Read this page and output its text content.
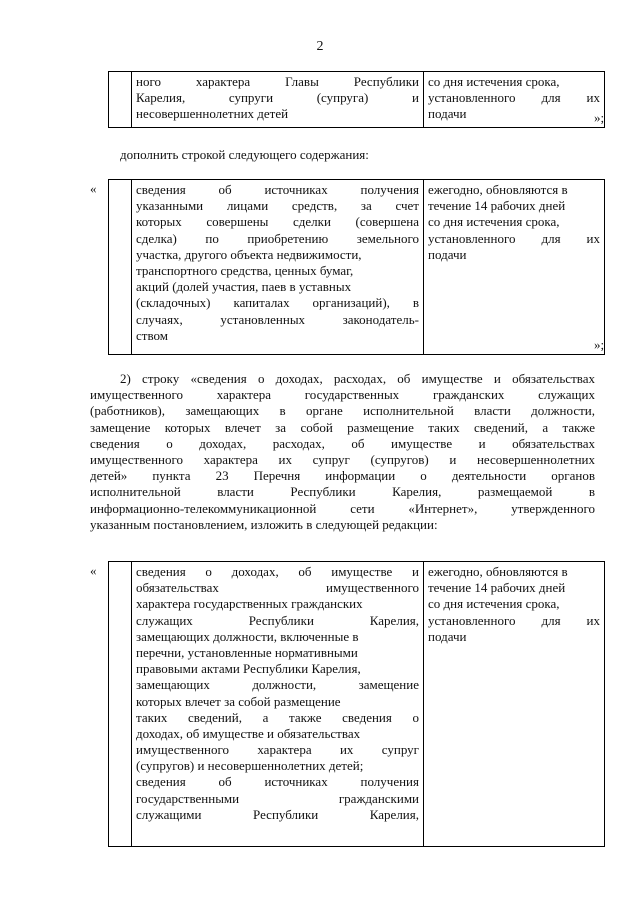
2

ного характера Главы Республики
Карелия, супруги (супруга) и
несовершеннолетних детей

со дня истечения срока,
установленного для их
подачи	»;
дополнить строкой следующего содержания:
«
		сведения об источниках получения
указанными лицами средств, за счет
которых совершены сделки (совершена
сделка) по приобретению земельного
участка, другого объекта недвижимости,
транспортного средства, ценных бумаг,
акций (долей участия, паев в уставных
(складочных) капиталах организаций), в
случаях, установленных законодатель-
ством

ежегодно, обновляются в
течение 14 рабочих дней
со дня истечения срока,
установленного для их
подачи
»;
2) строку «сведения о доходах, расходах, об имуществе и обязательствах
имущественного характера государственных гражданских служащих
(работников), замещающих в органе исполнительной власти должности,
замещение которых влечет за собой размещение таких сведений, а также
сведения о доходах, расходах, об имуществе и обязательствах
имущественного характера их супруг (супругов) и несовершеннолетних
детей» пункта 23 Перечня информации о деятельности органов
исполнительной власти Республики Карелия, размещаемой в
информационно-телекоммуникационной сети «Интернет», утвержденного
указанным постановлением, изложить в следующей редакции:
«
		сведения о доходах, об имуществе и
обязательствах имущественного
характера государственных гражданских
служащих Республики Карелия,
замещающих должности, включенные в
перечни, установленные нормативными
правовыми актами Республики Карелия,
замещающих должности, замещение
которых влечет за собой размещение
таких сведений, а также сведения о
доходах, об имуществе и обязательствах
имущественного характера их супруг
(супругов) и несовершеннолетних детей;
сведения об источниках получения
государственными гражданскими
служащими Республики Карелия,

ежегодно, обновляются в
течение 14 рабочих дней
со дня истечения срока,
установленного для их
подачи
